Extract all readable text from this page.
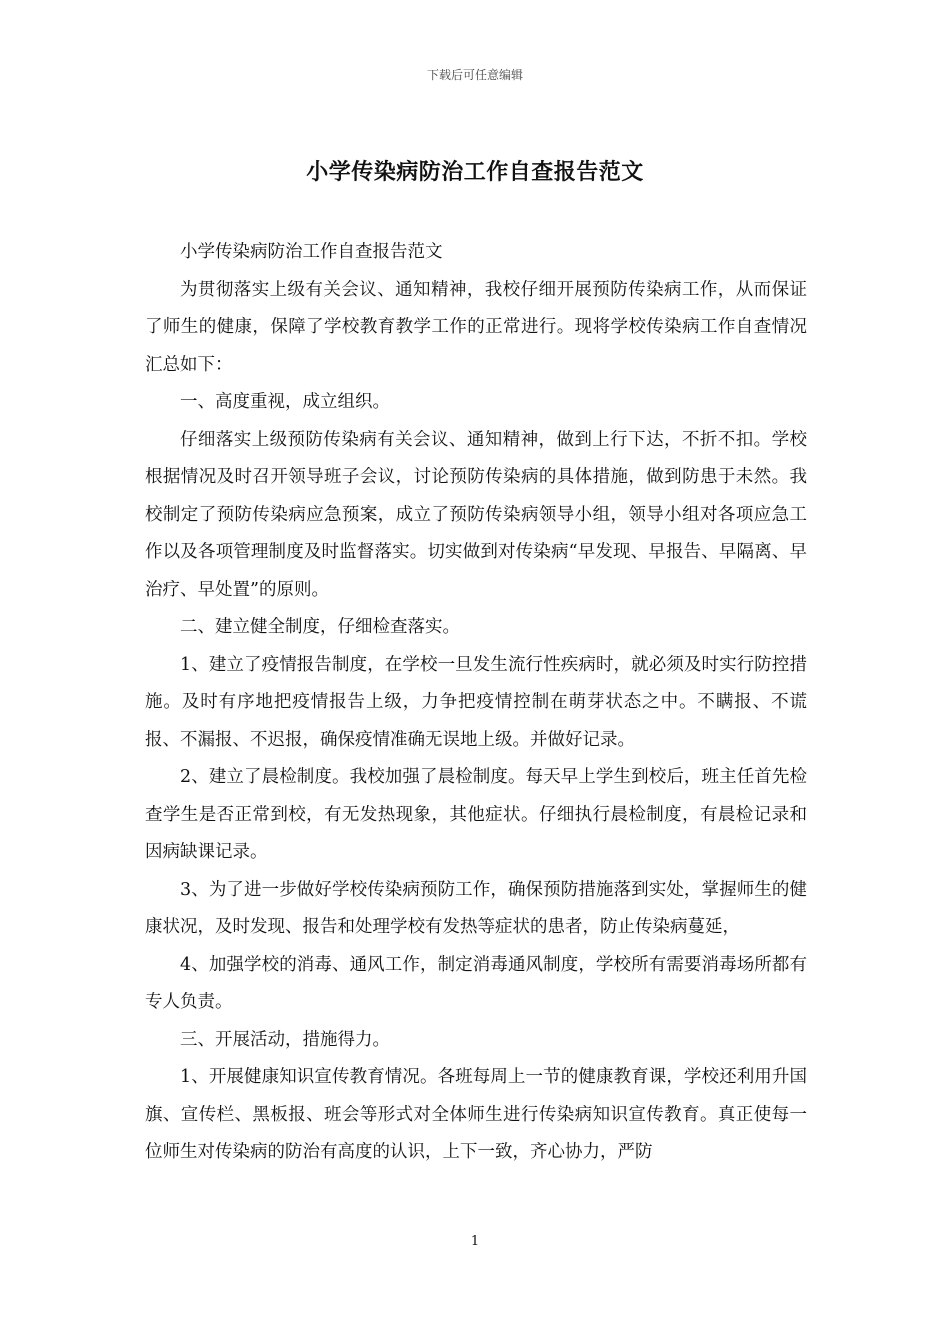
下载后可任意编辑
小学传染病防治工作自查报告范文

小学传染病防治工作自查报告范文

为贯彻落实上级有关会议、通知精神，我校仔细开展预防传染病工作，从而保证了师生的健康，保障了学校教育教学工作的正常进行。现将学校传染病工作自查情况汇总如下：

一、高度重视，成立组织。

仔细落实上级预防传染病有关会议、通知精神，做到上行下达，不折不扣。学校根据情况及时召开领导班子会议，讨论预防传染病的具体措施，做到防患于未然。我校制定了预防传染病应急预案，成立了预防传染病领导小组，领导小组对各项应急工作以及各项管理制度及时监督落实。切实做到对传染病“早发现、早报告、早隔离、早治疗、早处置”的原则。

二、建立健全制度，仔细检查落实。

1、建立了疫情报告制度，在学校一旦发生流行性疾病时，就必须及时实行防控措施。及时有序地把疫情报告上级，力争把疫情控制在萌芽状态之中。不瞒报、不谎报、不漏报、不迟报，确保疫情准确无误地上级。并做好记录。

2、建立了晨检制度。我校加强了晨检制度。每天早上学生到校后，班主任首先检查学生是否正常到校，有无发热现象，其他症状。仔细执行晨检制度，有晨检记录和因病缺课记录。

3、为了进一步做好学校传染病预防工作，确保预防措施落到实处，掌握师生的健康状况，及时发现、报告和处理学校有发热等症状的患者，防止传染病蔓延，

4、加强学校的消毒、通风工作，制定消毒通风制度，学校所有需要消毒场所都有专人负责。

三、开展活动，措施得力。

1、开展健康知识宣传教育情况。各班每周上一节的健康教育课，学校还利用升国旗、宣传栏、黑板报、班会等形式对全体师生进行传染病知识宣传教育。真正使每一位师生对传染病的防治有高度的认识，上下一致，齐心协力，严防

1
